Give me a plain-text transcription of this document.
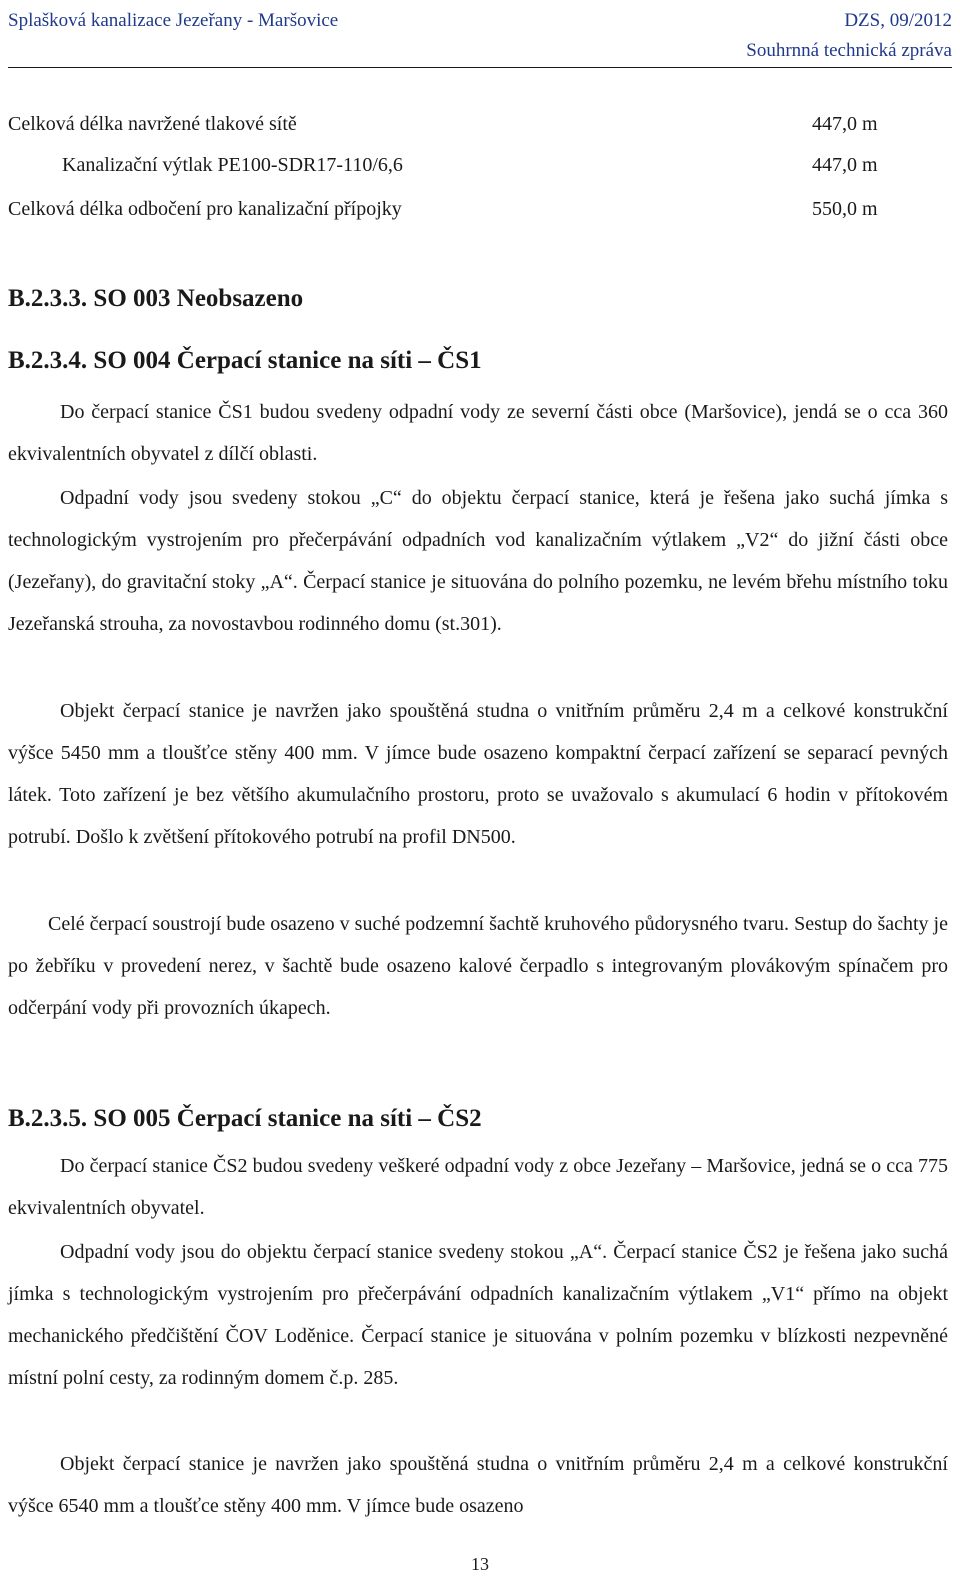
Splašková kanalizace Jezeřany - Maršovice	DZS, 09/2012
Souhrnná technická zpráva
Celková délka navržené tlakové sítě	447,0 m
Kanalizační výtlak PE100-SDR17-110/6,6	447,0 m
Celková délka odbočení pro kanalizační přípojky	550,0 m
B.2.3.3. SO 003 Neobsazeno
B.2.3.4. SO 004 Čerpací stanice na síti – ČS1

Do čerpací stanice ČS1 budou svedeny odpadní vody ze severní části obce (Maršovice), jendá se o cca 360 ekvivalentních obyvatel z dílčí oblasti.

Odpadní vody jsou svedeny stokou „C“ do objektu čerpací stanice, která je řešena jako suchá jímka s technologickým vystrojením pro přečerpávání odpadních vod kanalizačním výtlakem „V2“ do jižní části obce (Jezeřany), do gravitační stoky „A“. Čerpací stanice je situována do polního pozemku, ne levém břehu místního toku Jezeřanská strouha, za novostavbou rodinného domu (st.301).

Objekt čerpací stanice je navržen jako spouštěná studna o vnitřním průměru 2,4 m a celkové konstrukční výšce 5450 mm a tloušťce stěny 400 mm. V jímce bude osazeno kompaktní čerpací zařízení se separací pevných látek. Toto zařízení je bez většího akumulačního prostoru, proto se uvažovalo s akumulací 6 hodin v přítokovém potrubí. Došlo k zvětšení přítokového potrubí na profil DN500.

Celé čerpací soustrojí bude osazeno v suché podzemní šachtě kruhového půdorysného tvaru. Sestup do šachty je po žebříku v provedení nerez, v šachtě bude osazeno kalové čerpadlo s integrovaným plovákovým spínačem pro odčerpání vody při provozních úkapech.

B.2.3.5. SO 005 Čerpací stanice na síti – ČS2

Do čerpací stanice ČS2 budou svedeny veškeré odpadní vody z obce Jezeřany – Maršovice, jedná se o cca 775 ekvivalentních obyvatel.

Odpadní vody jsou do objektu čerpací stanice svedeny stokou „A“. Čerpací stanice ČS2 je řešena jako suchá jímka s technologickým vystrojením pro přečerpávání odpadních kanalizačním výtlakem „V1“ přímo na objekt mechanického předčištění ČOV Loděnice. Čerpací stanice je situována v polním pozemku v blízkosti nezpevněné místní polní cesty, za rodinným domem č.p. 285.

Objekt čerpací stanice je navržen jako spouštěná studna o vnitřním průměru 2,4 m a celkové konstrukční výšce 6540 mm a tloušťce stěny 400 mm. V jímce bude osazeno

13
